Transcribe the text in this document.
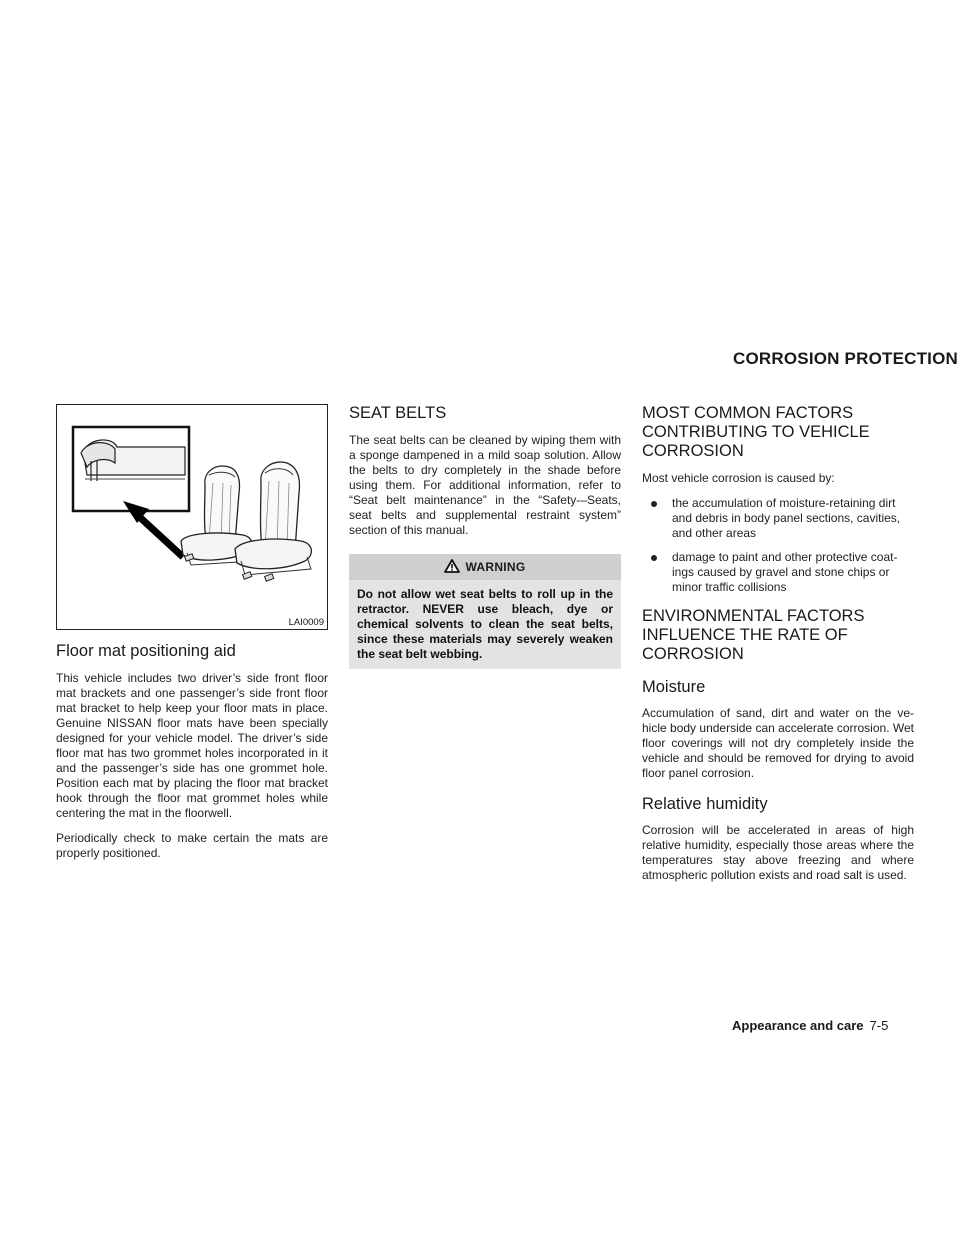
CORROSION PROTECTION
LAI0009
Floor mat positioning aid

This vehicle includes two driver’s side front floor mat brackets and one passenger’s side front floor mat bracket to help keep your floor mats in place. Genuine NISSAN floor mats have been specially designed for your vehicle model. The driver’s side floor mat has two grommet holes incorporated in it and the passenger’s side has one grommet hole. Position each mat by placing the floor mat bracket hook through the floor mat grommet holes while centering the mat in the floorwell.

Periodically check to make certain the mats are properly positioned.

SEAT BELTS

The seat belts can be cleaned by wiping them with a sponge dampened in a mild soap solution. Allow the belts to dry completely in the shade before using them. For additional information, refer to “Seat belt maintenance” in the “Safety-–Seats, seat belts and supplemental restraint system” section of this manual.

WARNING
Do not allow wet seat belts to roll up in the retractor. NEVER use bleach, dye or chemical solvents to clean the seat belts, since these materials may severely weaken the seat belt webbing.
MOST COMMON FACTORS CONTRIBUTING TO VEHICLE CORROSION

Most vehicle corrosion is caused by:

the accumulation of moisture-retaining dirt and debris in body panel sections, cavities, and other areas
damage to paint and other protective coat-ings caused by gravel and stone chips or minor traffic collisions
ENVIRONMENTAL FACTORS INFLUENCE THE RATE OF CORROSION
Moisture

Accumulation of sand, dirt and water on the ve-hicle body underside can accelerate corrosion. Wet floor coverings will not dry completely inside the vehicle and should be removed for drying to avoid floor panel corrosion.

Relative humidity

Corrosion will be accelerated in areas of high relative humidity, especially those areas where the temperatures stay above freezing and where atmospheric pollution exists and road salt is used.

Appearance and care 7-5
